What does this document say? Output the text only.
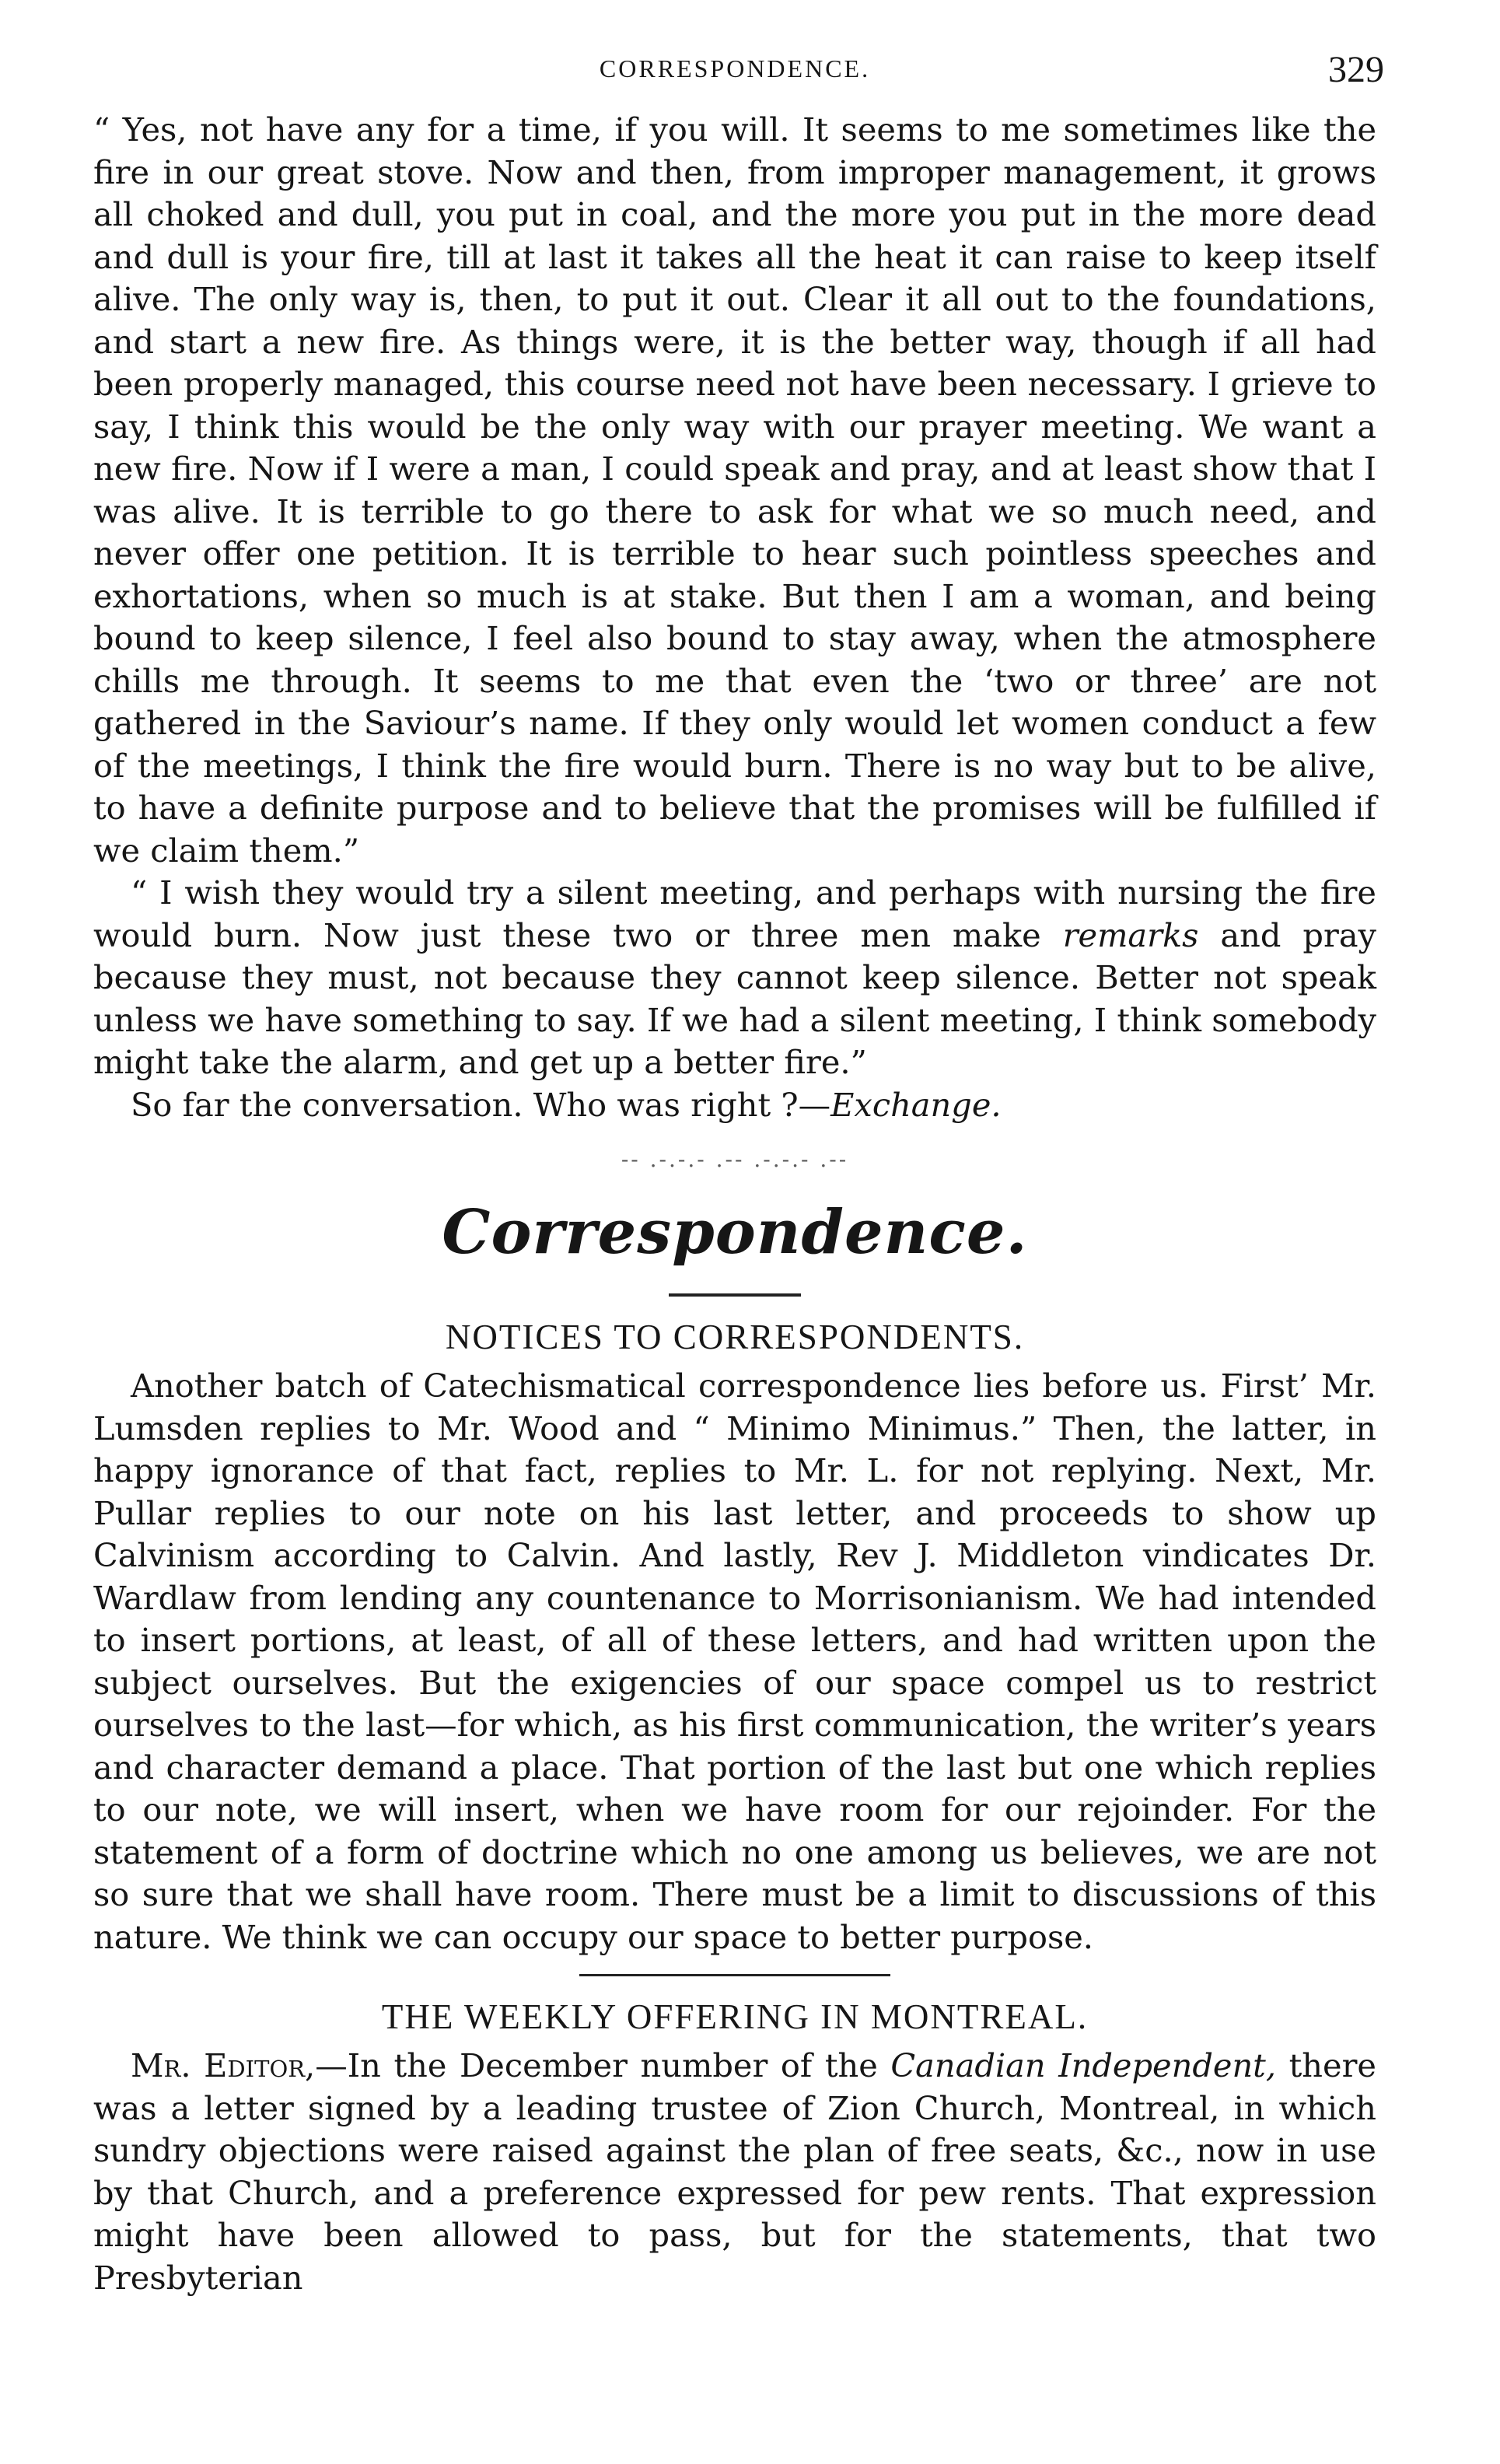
CORRESPONDENCE.	329

“ Yes, not have any for a time, if you will. It seems to me sometimes like the fire in our great stove. Now and then, from improper management, it grows all choked and dull, you put in coal, and the more you put in the more dead and dull is your fire, till at last it takes all the heat it can raise to keep itself alive. The only way is, then, to put it out. Clear it all out to the foundations, and start a new fire. As things were, it is the better way, though if all had been properly managed, this course need not have been necessary. I grieve to say, I think this would be the only way with our prayer meeting. We want a new fire. Now if I were a man, I could speak and pray, and at least show that I was alive. It is terrible to go there to ask for what we so much need, and never offer one petition. It is terrible to hear such pointless speeches and exhortations, when so much is at stake. But then I am a woman, and being bound to keep silence, I feel also bound to stay away, when the atmosphere chills me through. It seems to me that even the ‘two or three’ are not gathered in the Saviour’s name. If they only would let women conduct a few of the meetings, I think the fire would burn. There is no way but to be alive, to have a definite purpose and to believe that the promises will be fulfilled if we claim them.”

“ I wish they would try a silent meeting, and perhaps with nursing the fire would burn. Now just these two or three men make remarks and pray because they must, not because they cannot keep silence. Better not speak unless we have something to say. If we had a silent meeting, I think somebody might take the alarm, and get up a better fire.”

So far the conversation. Who was right ?—Exchange.

-- .-.-.- .-- .-.-.- .--
Correspondence.
NOTICES TO CORRESPONDENTS.

Another batch of Catechismatical correspondence lies before us. First’ Mr. Lumsden replies to Mr. Wood and “ Minimo Minimus.” Then, the latter, in happy ignorance of that fact, replies to Mr. L. for not replying. Next, Mr. Pullar replies to our note on his last letter, and proceeds to show up Calvinism according to Calvin. And lastly, Rev J. Middleton vindicates Dr. Wardlaw from lending any countenance to Morrisonianism. We had intended to insert portions, at least, of all of these letters, and had written upon the subject ourselves. But the exigencies of our space compel us to restrict ourselves to the last—for which, as his first communication, the writer’s years and character demand a place. That portion of the last but one which replies to our note, we will insert, when we have room for our rejoinder. For the statement of a form of doctrine which no one among us believes, we are not so sure that we shall have room. There must be a limit to discussions of this nature. We think we can occupy our space to better purpose.

THE WEEKLY OFFERING IN MONTREAL.

Mr. Editor,—In the December number of the Canadian Independent, there was a letter signed by a leading trustee of Zion Church, Montreal, in which sundry objections were raised against the plan of free seats, &c., now in use by that Church, and a preference expressed for pew rents. That expression might have been allowed to pass, but for the statements, that two Presbyterian
